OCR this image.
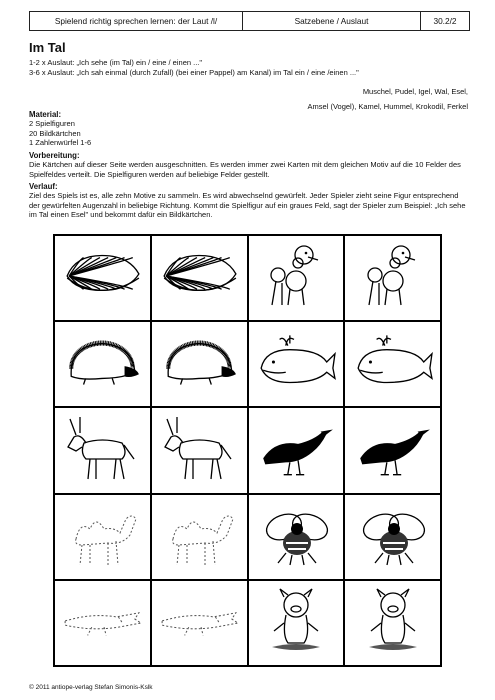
Spielend richtig sprechen lernen: der Laut /l/	Satzebene / Auslaut	30.2/2
Im Tal
1-2 x Auslaut: „Ich sehe (im Tal) ein / eine / einen ..."
3-6 x Auslaut: „Ich sah einmal (durch Zufall) (bei einer Pappel) am Kanal) im Tal ein / eine /einen ..."
Muschel, Pudel, Igel, Wal, Esel,
Amsel (Vogel), Kamel, Hummel, Krokodil, Ferkel
Material:
2 Spielfiguren
20 Bildkärtchen
1 Zahlenwürfel 1-6
Vorbereitung:
Die Kärtchen auf dieser Seite werden ausgeschnitten. Es werden immer zwei Karten mit dem gleichen Motiv auf die 10 Felder des Spielfeldes verteilt. Die Spielfiguren werden auf beliebige Felder gestellt.
Verlauf:
Ziel des Spiels ist es, alle zehn Motive zu sammeln. Es wird abwechselnd gewürfelt. Jeder Spieler zieht seine Figur entsprechend der gewürfelten Augenzahl in beliebige Richtung. Kommt die Spielfigur auf ein graues Feld, sagt der Spieler zum Beispiel: „Ich sehe im Tal einen Esel" und bekommt dafür ein Bildkärtchen.
© 2011 antiope-verlag Stefan Simonis-Kslk
